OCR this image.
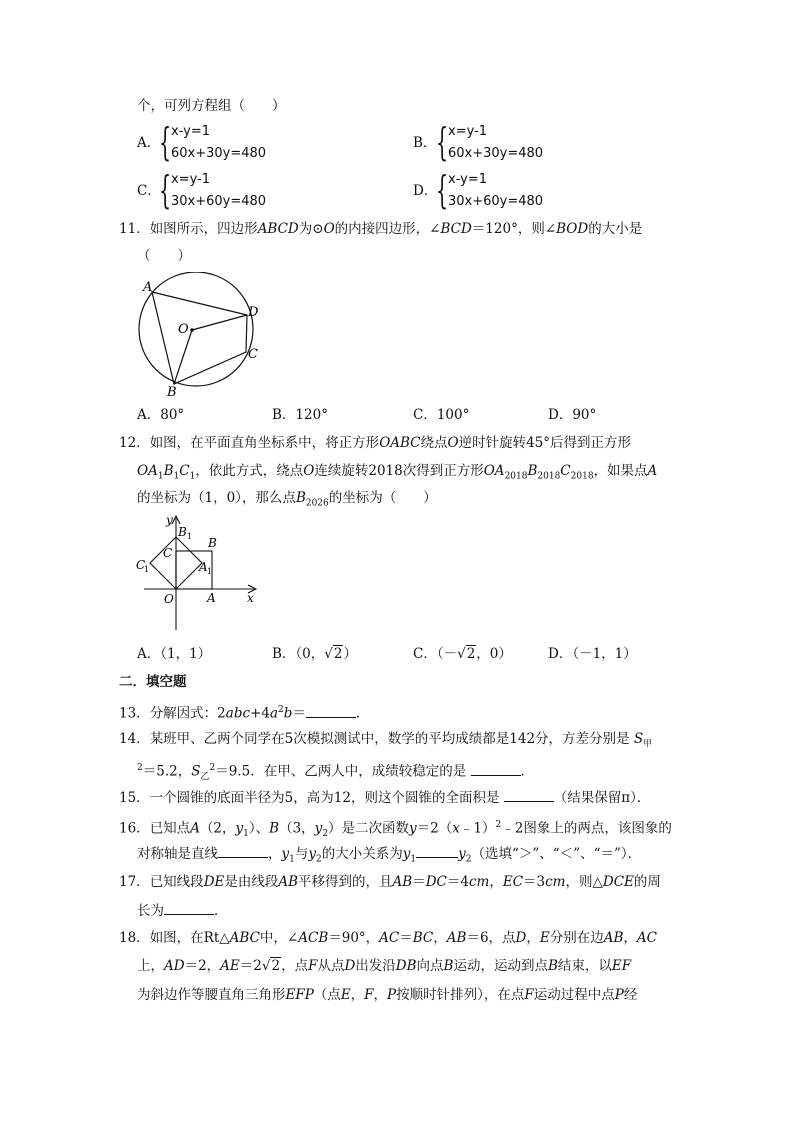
个，可列方程组（　　）
A．
{ x-y=1
60x+30y=480
B． { x=y-1
60x+30y=480
C．
{ x=y-1
30x+60y=480
D．
{ x-y=1
30x+60y=480
11．如图所示，四边形ABCD为⊙O的内接四边形，∠BCD＝120°，则∠BOD的大小是
（　　）
A
D
O
C
B
A．80°	B．120°	C．100°	D．90°
12．如图，在平面直角坐标系中，将正方形OABC绕点O逆时针旋转45°后得到正方形
$OA_1B_1C_1$，依此方式，绕点O连续旋转2018次得到正方形$OA_{2018}B_{2018}C_{2018}$，如果点A
的坐标为（1，0），那么点$B_{2026}$的坐标为（　　）
y
B 1 B
C
C
1	A 1
O	A	x
A．（1，1）	B．（0，√2）	C．（－√2，0）	D．（－1，1）
二．填空题
13．分解因式：$2abc+4a^2b=$	．
14．某班甲、乙两个同学在5次模拟测试中，数学的平均成绩都是142分，方差分别是 $S_甲$
$^2$＝5.2，$S_乙^2=9.5$．在甲、乙两人中，成绩较稳定的是	．
15．一个圆锥的底面半径为5，高为12，则这个圆锥的全面积是	（结果保留π）．
16．已知点A（2，$y_1$）、B（3，$y_2$）是二次函数y＝2（x﹣1）$^2$﹣2图象上的两点，该图象的
对称轴是直线	，$y_1$与$y_2$的大小关系为$y_1$	$y_2$（选填“＞”、“＜”、“＝”）．
17．已知线段DE是由线段AB平移得到的，且AB＝DC＝4cm，EC＝3cm，则△DCE的周
长为	．
18．如图，在Rt△ABC中，∠ACB＝90°，AC＝BC，AB＝6，点D，E分别在边AB，AC
上，AD＝2，AE＝2√2，点F从点D出发沿DB向点B运动，运动到点B结束，以EF
为斜边作等腰直角三角形EFP（点E，F，P按顺时针排列），在点F运动过程中点P经
